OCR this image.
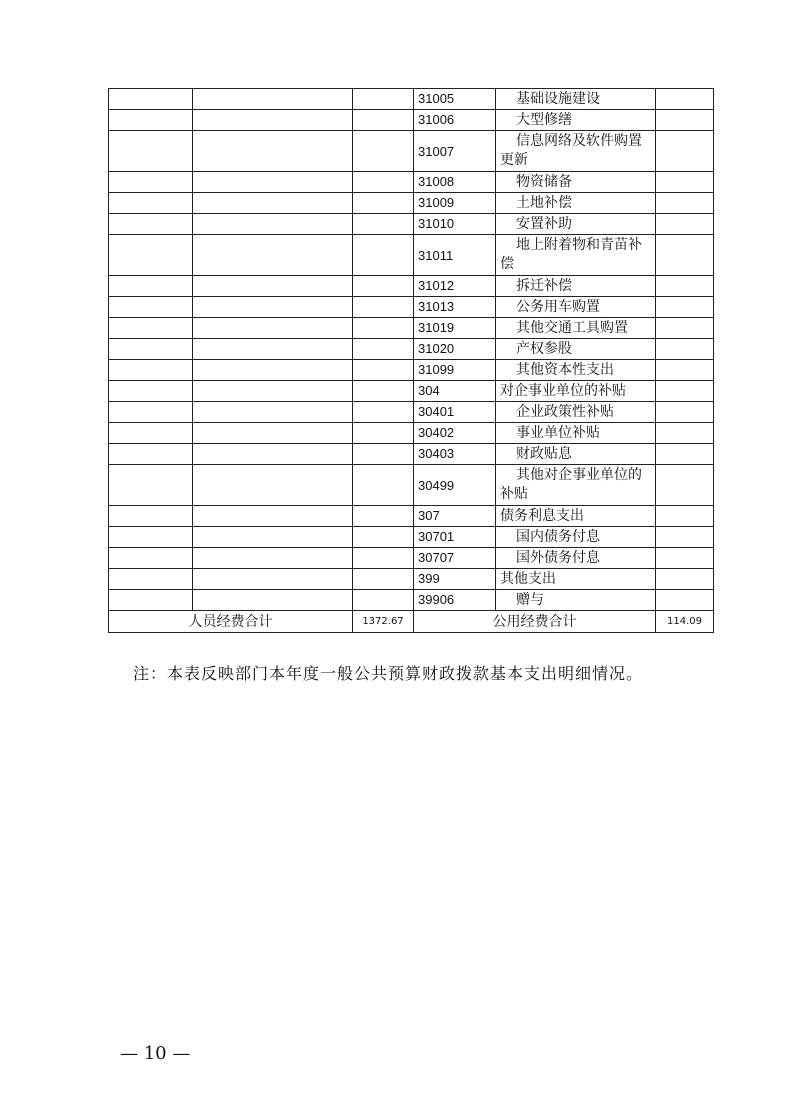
			31005	基础设施建设	
			31006	大型修缮	
			31007	信息网络及软件购置更新	
			31008	物资储备	
			31009	土地补偿	
			31010	安置补助	
			31011	地上附着物和青苗补偿	
			31012	拆迁补偿	
			31013	公务用车购置	
			31019	其他交通工具购置	
			31020	产权参股	
			31099	其他资本性支出	
			304	对企事业单位的补贴	
			30401	企业政策性补贴	
			30402	事业单位补贴	
			30403	财政贴息	
			30499	其他对企事业单位的补贴	
			307	债务利息支出	
			30701	国内债务付息	
			30707	国外债务付息	
			399	其他支出	
			39906	赠与	
人员经费合计		1372.67	公用经费合计		114.09
注：本表反映部门本年度一般公共预算财政拨款基本支出明细情况。
— 10 —
